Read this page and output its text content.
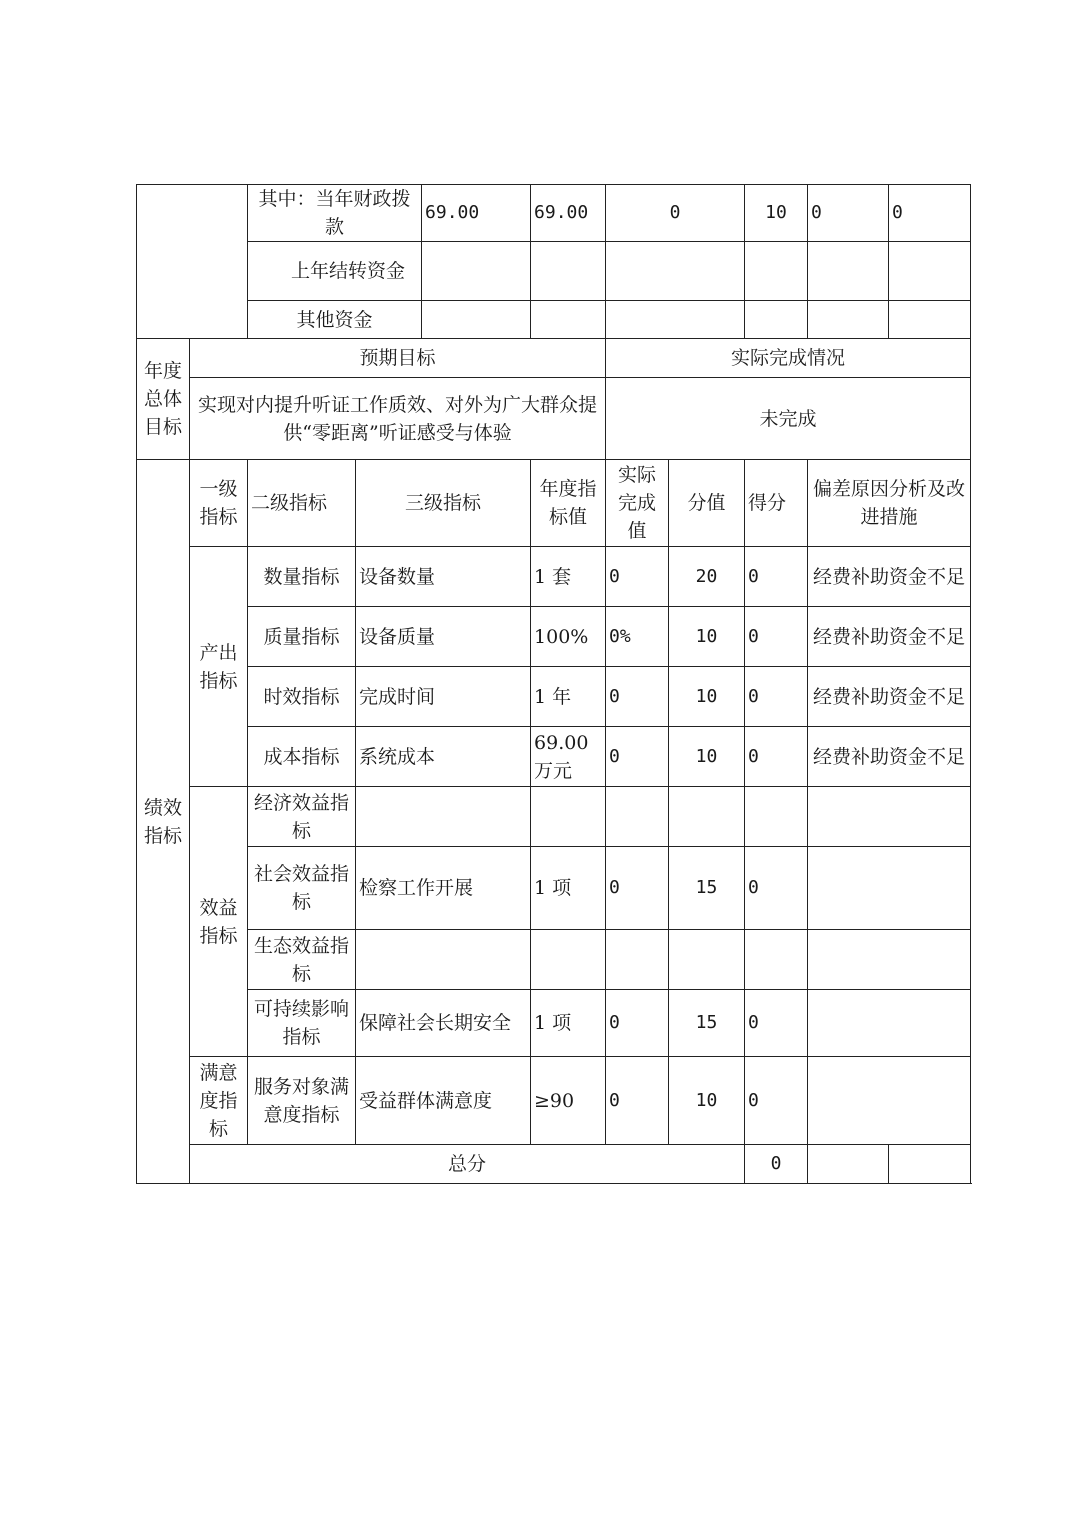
		其中：当年财政拨款		69.00	69.00	0		10	0	0
		上年结转资金								
		其他资金								
年度总体目标	预期目标					实际完成情况				
	实现对内提升听证工作质效、对外为广大群众提供“零距离”听证感受与体验					未完成				
绩效指标	一级指标	二级指标	三级指标		年度指标值	实际完成值	分值	得分	偏差原因分析及改进措施	
	产出指标	数量指标	设备数量		1 套	0	20	0	经费补助资金不足	
		质量指标	设备质量		100%	0%	10	0	经费补助资金不足	
		时效指标	完成时间		1 年	0	10	0	经费补助资金不足	
		成本指标	系统成本		69.00万元	0	10	0	经费补助资金不足	
	效益指标	经济效益指标								
		社会效益指标	检察工作开展		1 项	0	15	0		
		生态效益指标								
		可持续影响指标	保障社会长期安全		1 项	0	15	0		
	满意度指标	服务对象满意度指标	受益群体满意度		≥90	0	10	0		
	总分							0		
